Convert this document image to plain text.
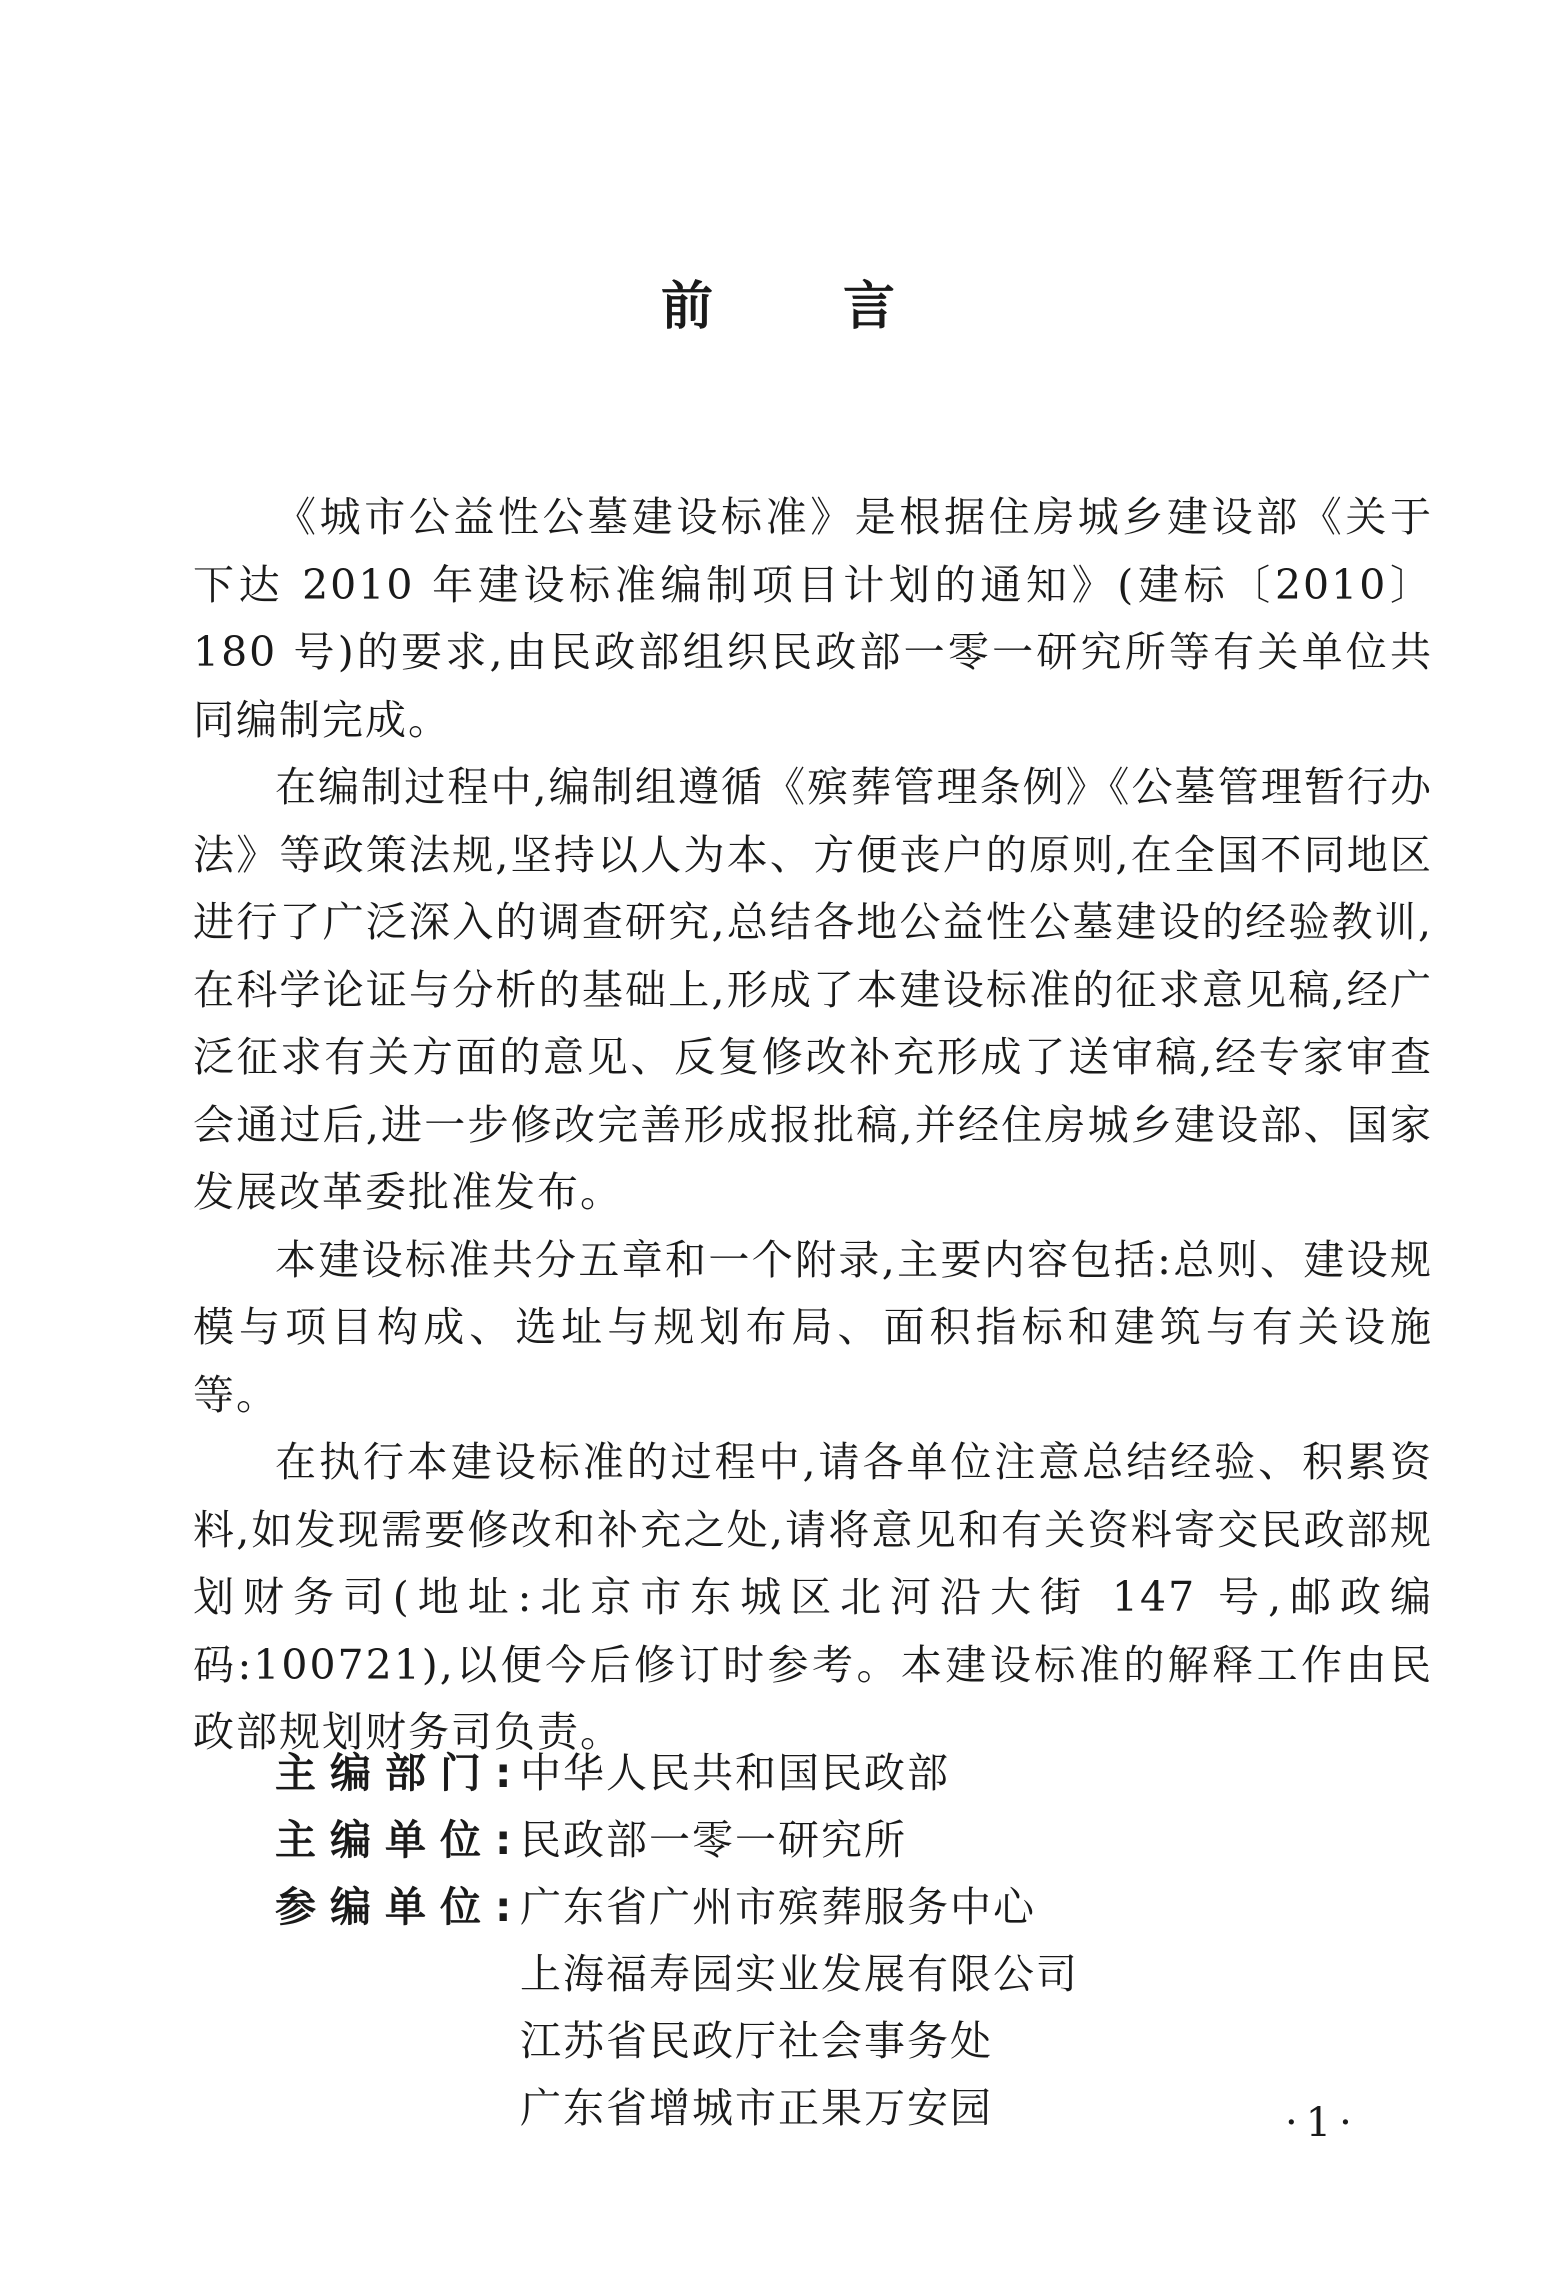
前言

《城市公益性公墓建设标准》是根据住房城乡建设部《关于下达 2010 年建设标准编制项目计划的通知》(建标〔2010〕180 号)的要求,由民政部组织民政部一零一研究所等有关单位共同编制完成。

在编制过程中,编制组遵循《殡葬管理条例》《公墓管理暂行办法》等政策法规,坚持以人为本、方便丧户的原则,在全国不同地区进行了广泛深入的调查研究,总结各地公益性公墓建设的经验教训,在科学论证与分析的基础上,形成了本建设标准的征求意见稿,经广泛征求有关方面的意见、反复修改补充形成了送审稿,经专家审查会通过后,进一步修改完善形成报批稿,并经住房城乡建设部、国家发展改革委批准发布。

本建设标准共分五章和一个附录,主要内容包括:总则、建设规模与项目构成、选址与规划布局、面积指标和建筑与有关设施等。

在执行本建设标准的过程中,请各单位注意总结经验、积累资料,如发现需要修改和补充之处,请将意见和有关资料寄交民政部规划财务司(地址:北京市东城区北河沿大街 147 号,邮政编码:100721),以便今后修订时参考。本建设标准的解释工作由民政部规划财务司负责。

主编部门:
中华人民共和国民政部
主编单位:
民政部一零一研究所
参编单位:
广东省广州市殡葬服务中心
上海福寿园实业发展有限公司
江苏省民政厅社会事务处
广东省增城市正果万安园	·1·
